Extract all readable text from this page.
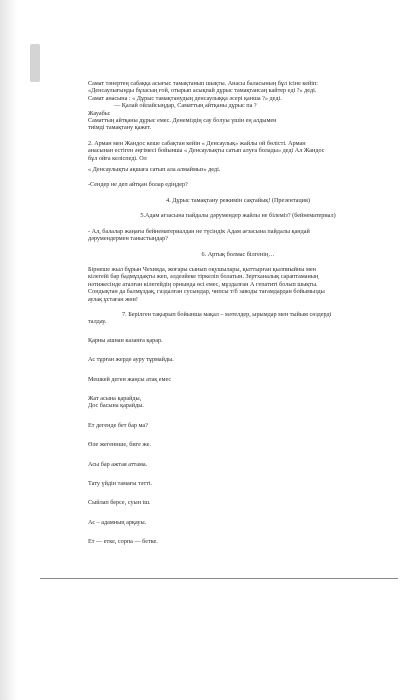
Самат тәнертең сабаққа асығыс тамақтанып шықты. Анасы баласының бұл ісіне кейіп:

«Денсаулығыңды бұзасың ғой, отырып асықпай дұрыс тамақтансаң кайтер еді ?» деді.

Самат анасына : « Дұрыс тамақтанудың денсаулыққа әсері қанша ?» деді.

— Қалай ойлайсыңдар, Саматтың айтқаны дұрыс па ?

Жауабы:

Саматтың айтқаны дұрыс емес. Денеміздің сау болуы үшін ең алдымен

тиімді тамақтану қажет.

2. Арман мен Жандос кеше сабақтан кейін « Денсаулық» жайлы ой бөлісті. Арман

анасынан естіген әңгімесі бойынша « Денсаулықты сатып алуға болады» деді Ал Жандос

бұл ойға келіспеді. Ол

« Денсаулықты ақшаға сатып ала алмаймыз» деді.

-Сендер не деп айтқан болар едіңдер?

4. Дұрыс тамақтану режимін сақтайық! (Презентация)

5.Адам ағзасына пайдалы дәрумендер жайлы не білеміз? (бейнематериал)

- Ал, балалар жаңағы бейнематериалдан не түсіндік Адам ағзасына пайдалы қандай

дәрумендермен таныстыңдар?

6. Артық болмас білгенің…

Бірнеше жыл бұрын Чехияда, жоғары сынып оқушылары, қыттырған қылпиыйны мен

кілегейі бар бадмұздақты жеп, әлдеәйеке тіркеліп болатын. Зертханалық сараптаманың

нәтижесінде аталған кілегейдің орнында өсі емес, мұздалған А гепатиті болып шықты.

Сондықтан да балмұздақ, газдалған сусындар, чипсы т/б заводы тағамдардан бойымызды

аулақ ұстаған жөн!

7. Берілген тақырып бойынша мақал – мәтелдер, ырымдар мен тыйым сөздерді

талдау.

Қарны ашнан казанға қарар.

Ас тұрған жерде ауру тұрмайды.

Мешкей деген жаңсы атақ емес

Жат асына қарайды,

Дос басына қарайды.

Ет дегенде бет бар ма?

Өле жегеннше, биге же.

Асы бар ажтая аттама.

Тату үйдін тамағы тәтті.

Сыйлап берсе, суын іш.

Ас – адамның арқауы.

Ет — етке, сорпа — бетке.
